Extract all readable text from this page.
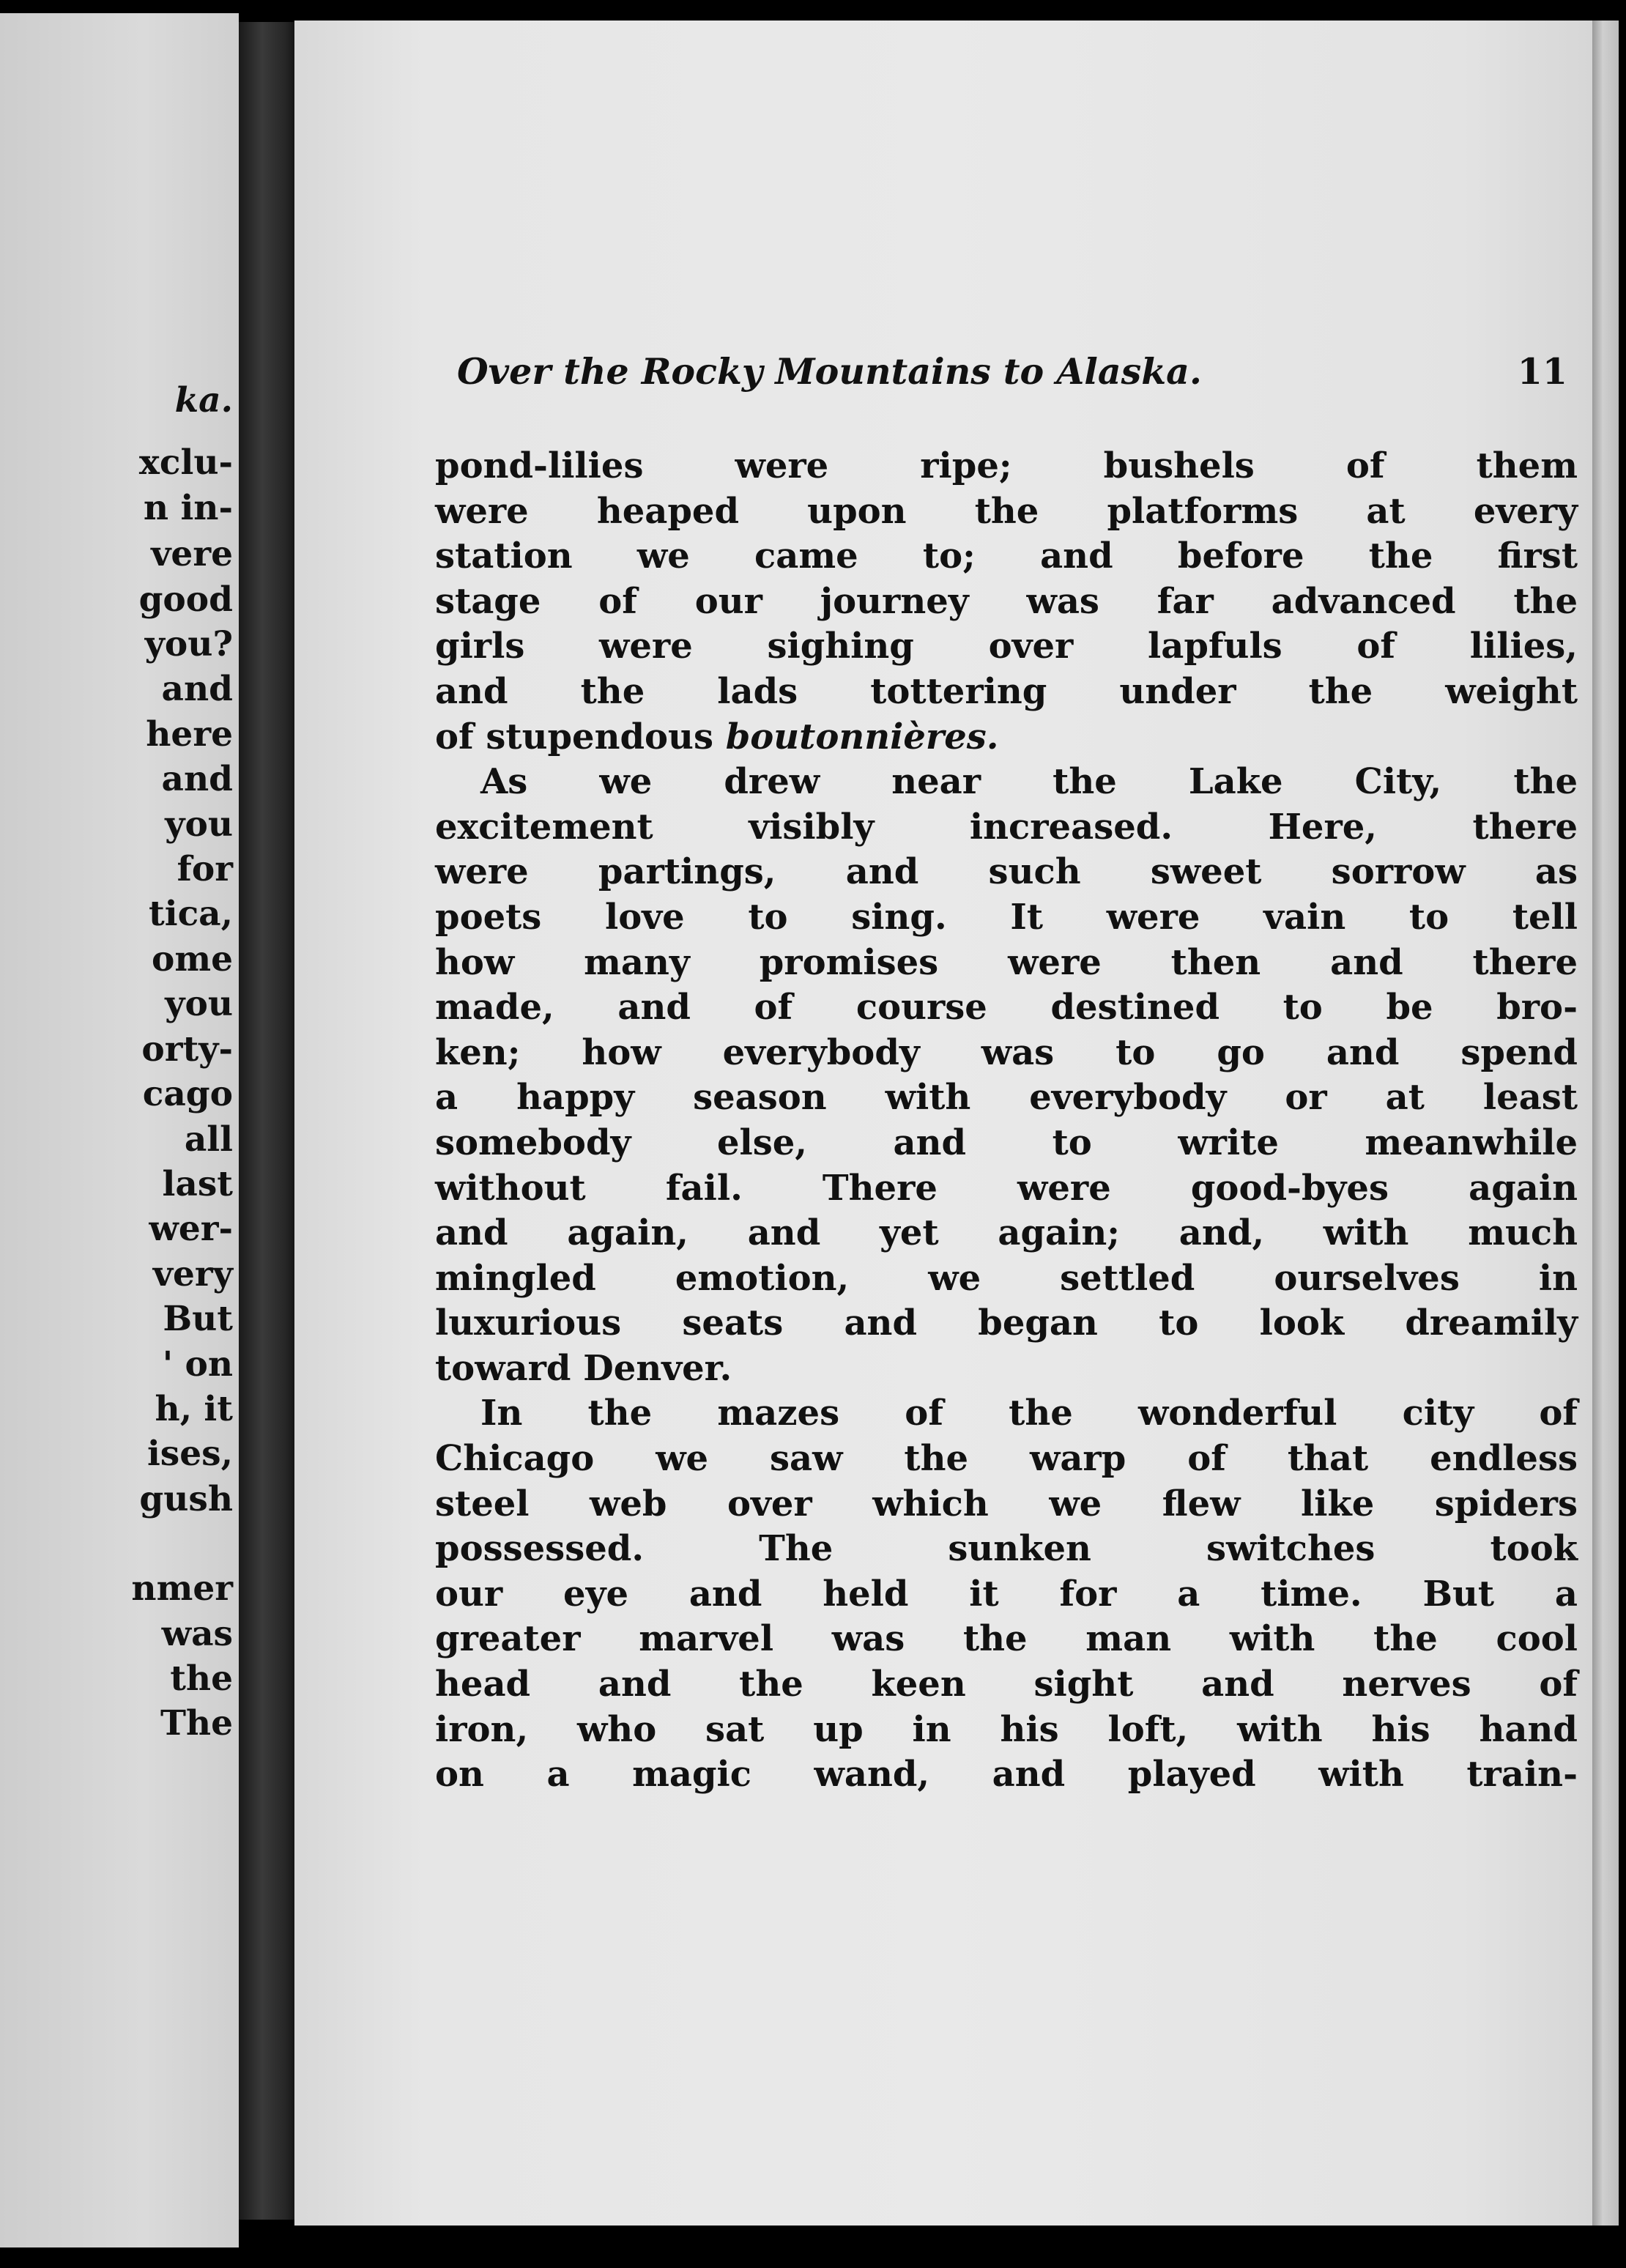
ka.
xclu-
n in-
vere
good
you?
and
here
and
you
for
tica,
ome
you
orty-
cago
all
last
wer-
very
But
' on
h, it
ises,
gush
nmer
was
the
The
Over the Rocky Mountains to Alaska.	11
pond-lilies were ripe; bushels of them
were heaped upon the platforms at every
station we came to; and before the first
stage of our journey was far advanced the
girls were sighing over lapfuls of lilies,
and the lads tottering under the weight
of stupendous boutonnières.
As we drew near the Lake City, the
excitement visibly increased. Here, there
were partings, and such sweet sorrow as
poets love to sing. It were vain to tell
how many promises were then and there
made, and of course destined to be bro-
ken; how everybody was to go and spend
a happy season with everybody or at least
somebody else, and to write meanwhile
without fail. There were good-byes again
and again, and yet again; and, with much
mingled emotion, we settled ourselves in
luxurious seats and began to look dreamily
toward Denver.
In the mazes of the wonderful city of
Chicago we saw the warp of that endless
steel web over which we flew like spiders
possessed. The sunken switches took
our eye and held it for a time. But a
greater marvel was the man with the cool
head and the keen sight and nerves of
iron, who sat up in his loft, with his hand
on a magic wand, and played with train-
